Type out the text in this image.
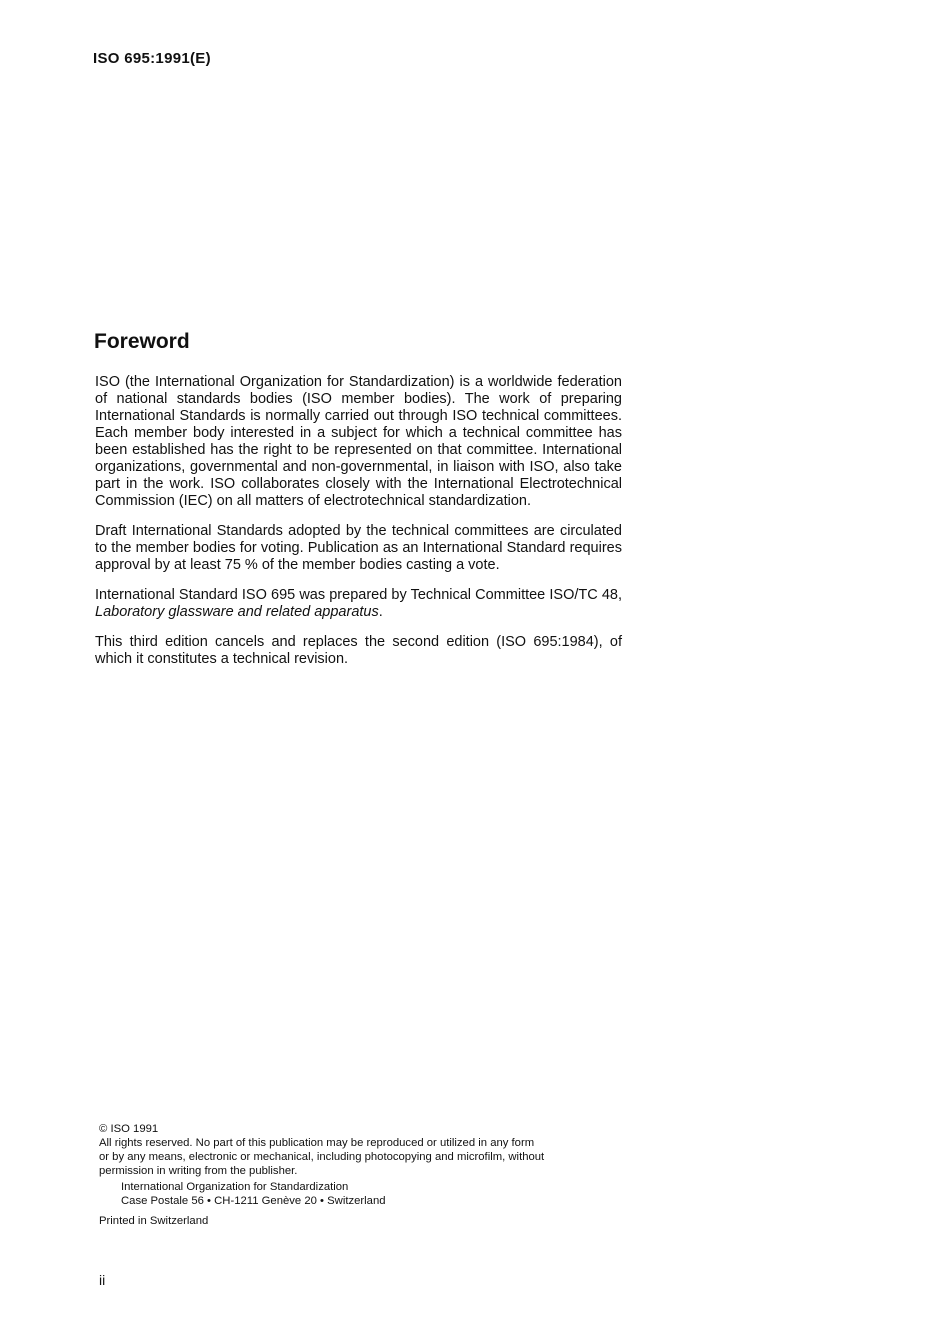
ISO 695:1991(E)
Foreword

ISO (the International Organization for Standardization) is a worldwide federation of national standards bodies (ISO member bodies). The work of preparing International Standards is normally carried out through ISO technical committees. Each member body interested in a subject for which a technical committee has been established has the right to be represented on that committee. International organizations, governmental and non-governmental, in liaison with ISO, also take part in the work. ISO collaborates closely with the International Electrotechnical Commission (IEC) on all matters of electrotechnical standardization.

Draft International Standards adopted by the technical committees are circulated to the member bodies for voting. Publication as an International Standard requires approval by at least 75 % of the member bodies casting a vote.

International Standard ISO 695 was prepared by Technical Committee ISO/TC 48, Laboratory glassware and related apparatus.

This third edition cancels and replaces the second edition (ISO 695:1984), of which it constitutes a technical revision.

© ISO 1991
All rights reserved. No part of this publication may be reproduced or utilized in any form
or by any means, electronic or mechanical, including photocopying and microfilm, without
permission in writing from the publisher.
International Organization for Standardization
Case Postale 56 • CH-1211 Genève 20 • Switzerland
Printed in Switzerland
ii
